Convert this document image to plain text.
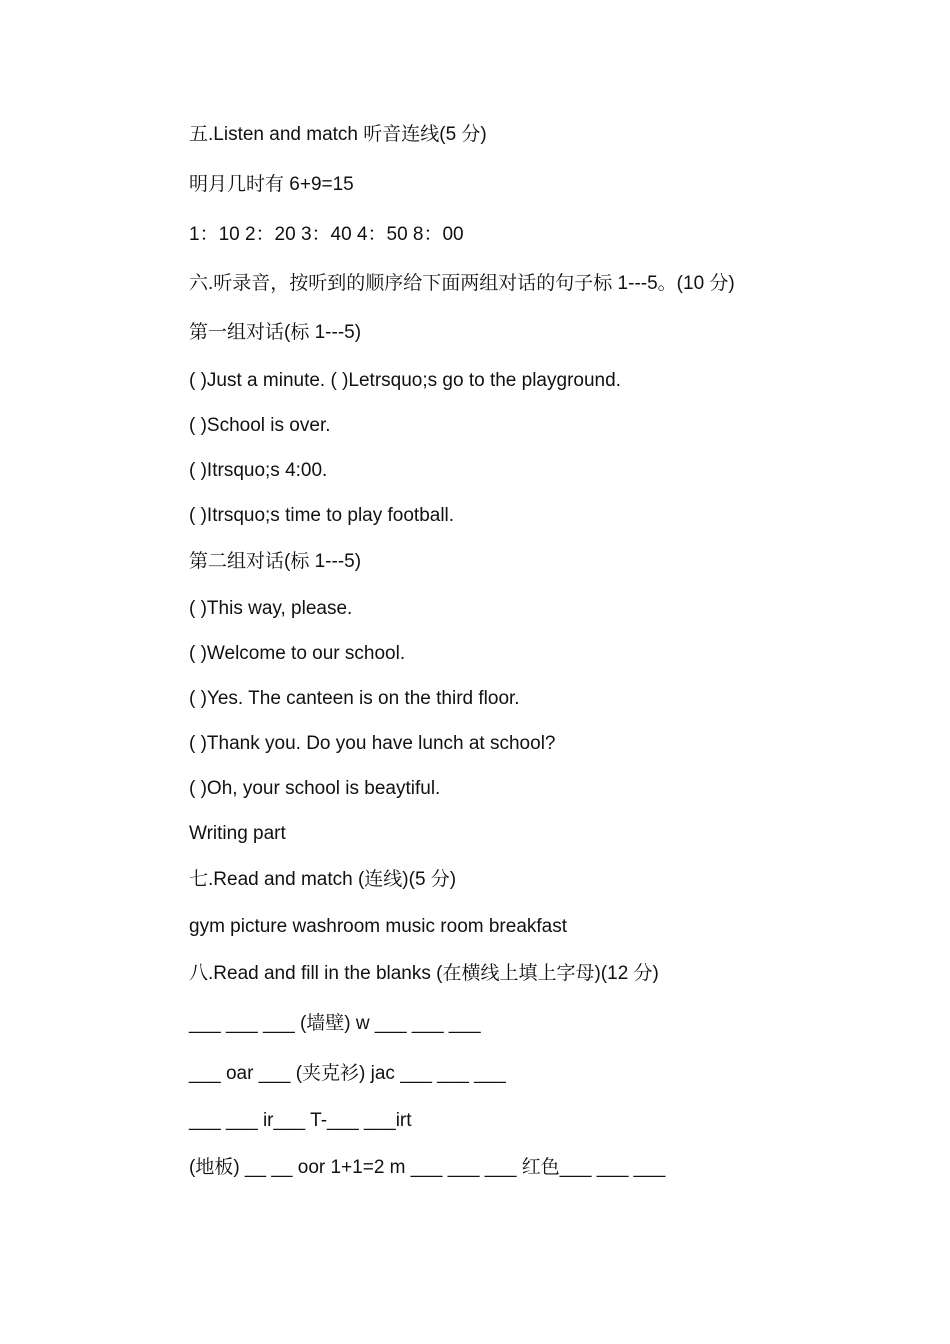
五.Listen and match 听音连线(5 分)
明月几时有 6+9=15
1：10 2：20 3：40 4：50 8：00
六.听录音，按听到的顺序给下面两组对话的句子标 1---5。(10 分)
第一组对话(标 1---5)
( )Just a minute. ( )Letrsquo;s go to the playground.
( )School is over.
( )Itrsquo;s 4:00.
( )Itrsquo;s time to play football.
第二组对话(标 1---5)
( )This way, please.
( )Welcome to our school.
( )Yes. The canteen is on the third floor.
( )Thank you. Do you have lunch at school?
( )Oh, your school is beaytiful.
Writing part
七.Read and match (连线)(5 分)
gym picture washroom music room breakfast
八.Read and fill in the blanks (在横线上填上字母)(12 分)
___ ___ ___ (墙壁) w ___ ___ ___
___ oar ___ (夹克衫) jac ___ ___ ___
___ ___ ir___ T-___ ___irt
(地板) __ __ oor 1+1=2 m ___ ___ ___ 红色___ ___ ___
